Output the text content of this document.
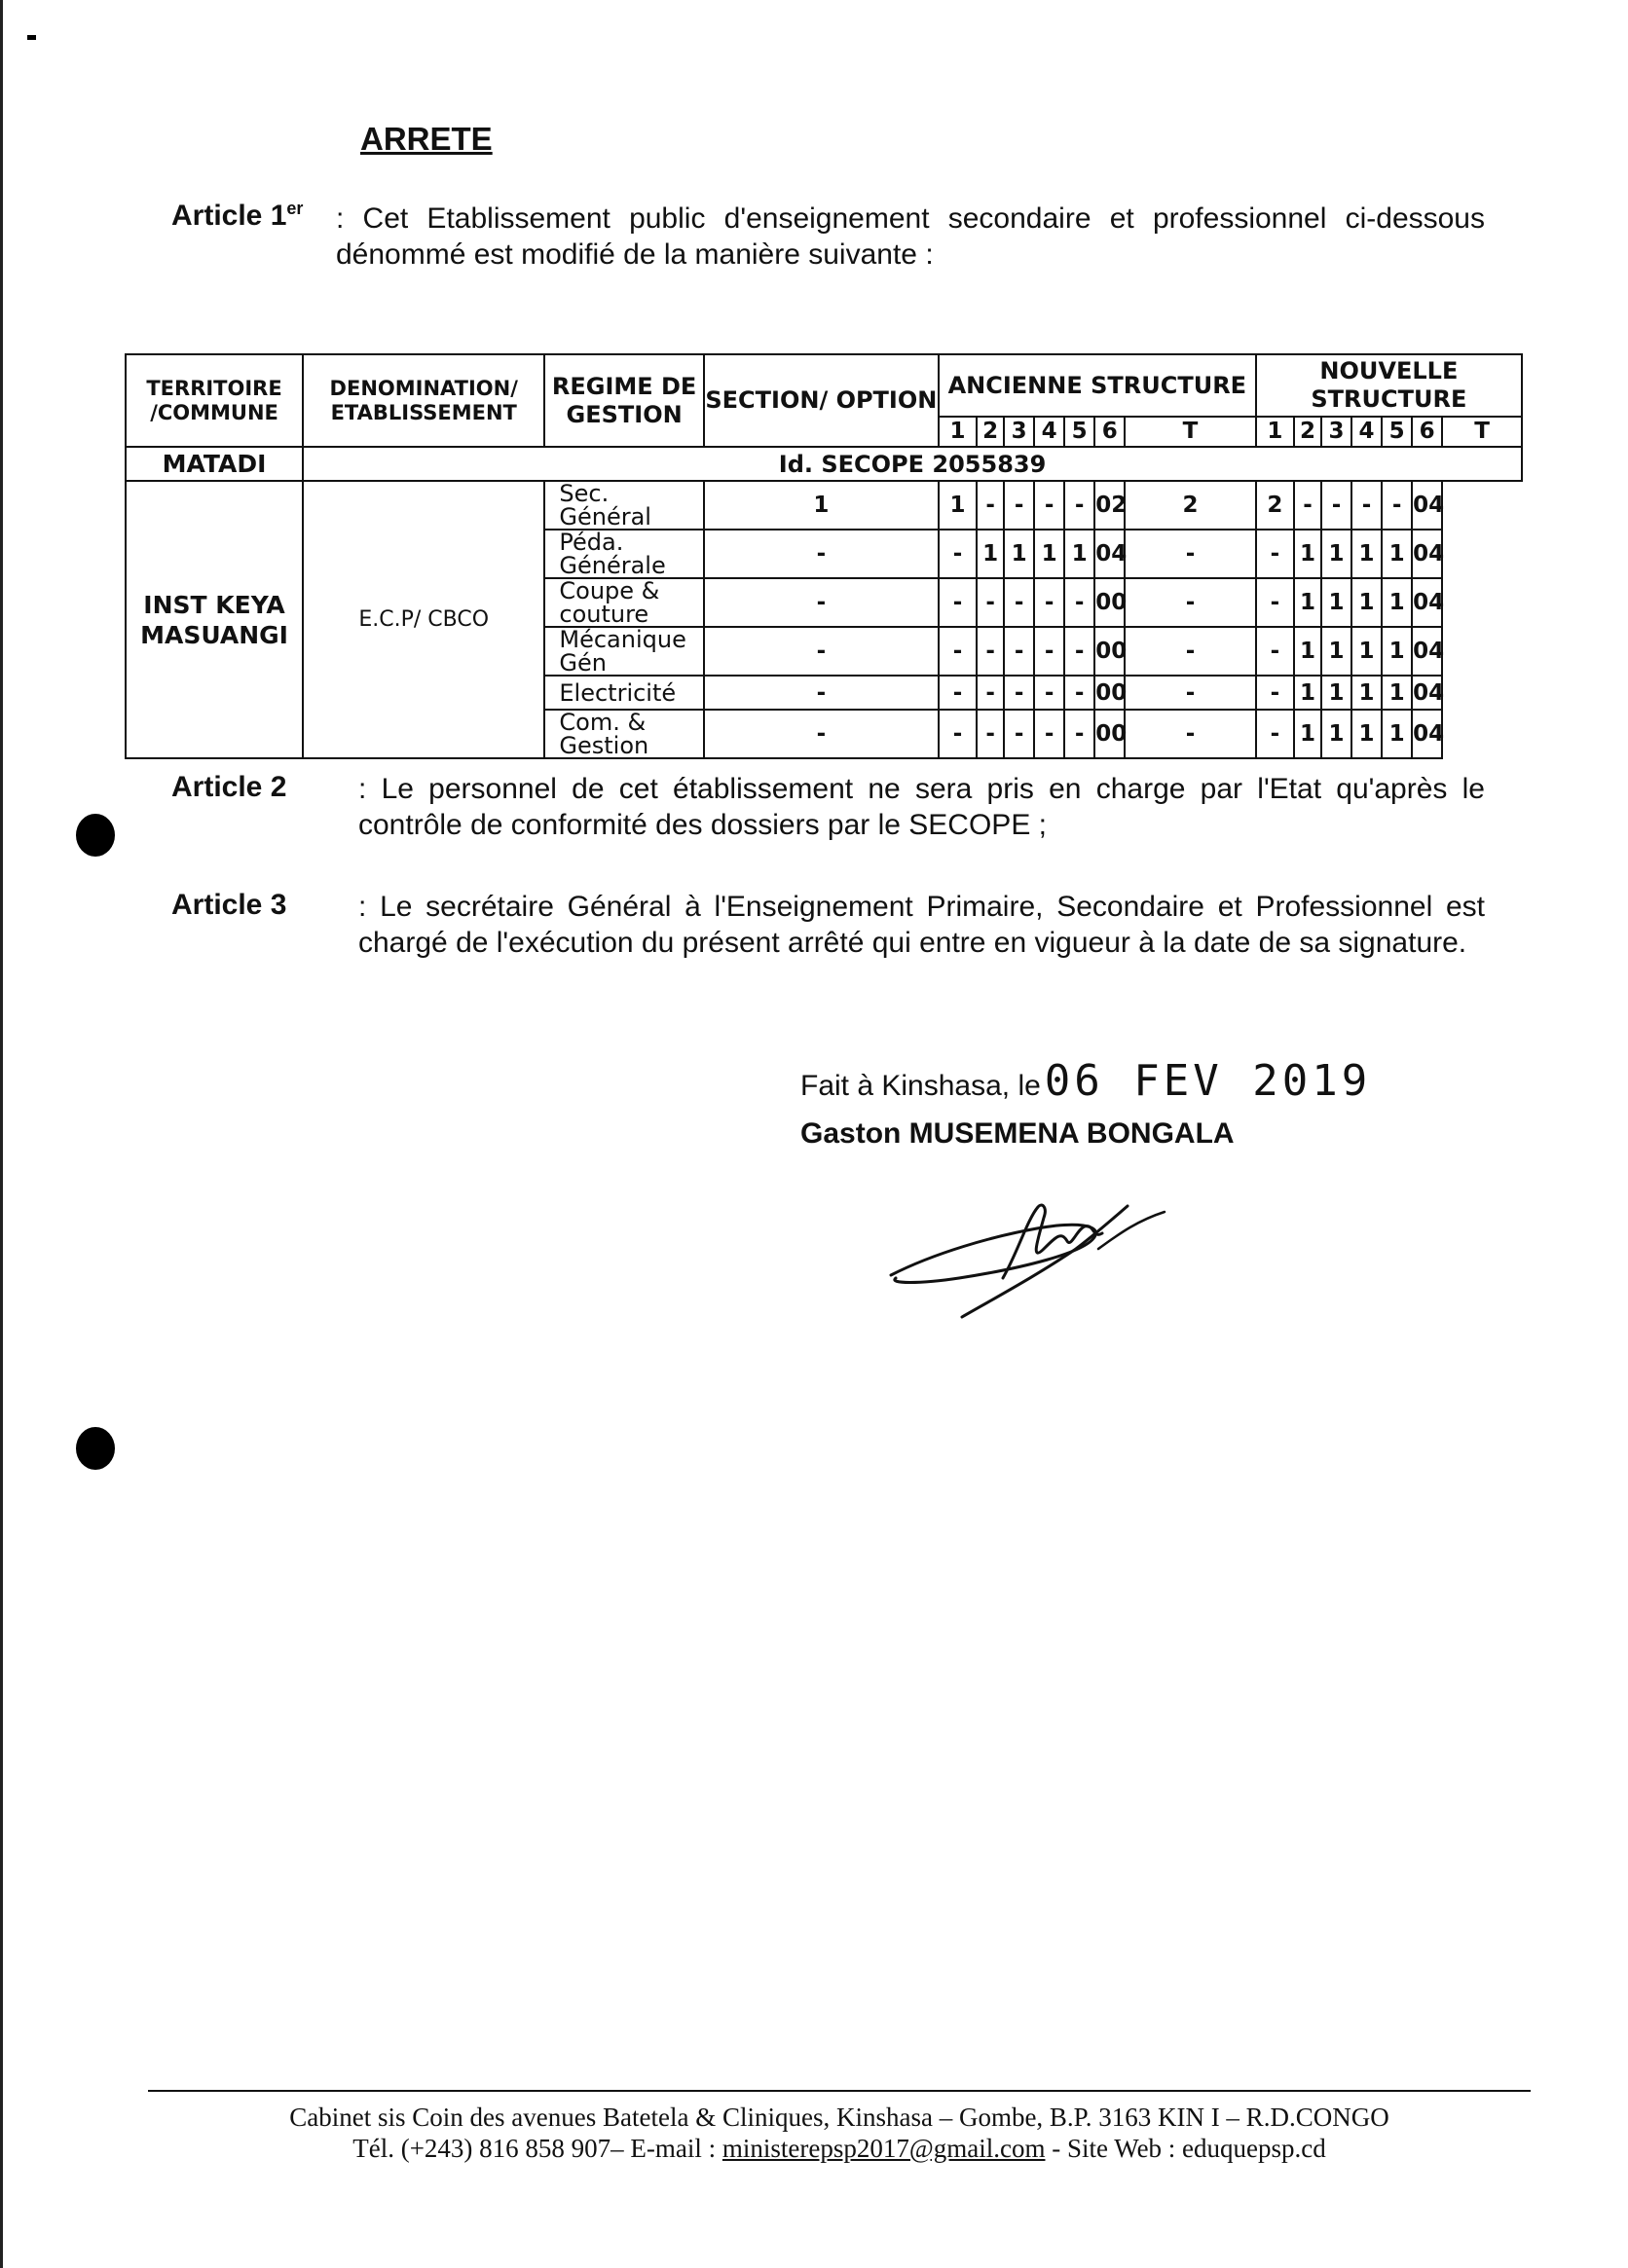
ARRETE
Article 1er : Cet Etablissement public d'enseignement secondaire et professionnel ci-dessous dénommé est modifié de la manière suivante :
TERRITOIRE /COMMUNE	DENOMINATION/ ETABLISSEMENT	REGIME DE GESTION	SECTION/ OPTION	ANCIENNE STRUCTURE							NOUVELLE STRUCTURE						
				1	2	3	4	5	6	T	1	2	3	4	5	6	T
MATADI	Id. SECOPE 2055839																
INST KEYA MASUANGI	E.C.P/ CBCO	Sec. Général	1	1	-	-	-	-	02	2	2	-	-	-	-	04	
		Péda. Générale	-	-	1	1	1	1	04	-	-	1	1	1	1	04	
		Coupe & couture	-	-	-	-	-	-	00	-	-	1	1	1	1	04	
		Mécanique Gén	-	-	-	-	-	-	00	-	-	1	1	1	1	04	
		Electricité	-	-	-	-	-	-	00	-	-	1	1	1	1	04	
		Com. & Gestion	-	-	-	-	-	-	00	-	-	1	1	1	1	04	
Article 2 : Le personnel de cet établissement ne sera pris en charge par l'Etat qu'après le contrôle de conformité des dossiers par le SECOPE ;
Article 3 : Le secrétaire Général à l'Enseignement Primaire, Secondaire et Professionnel est chargé de l'exécution du présent arrêté qui entre en vigueur à la date de sa signature.
Fait à Kinshasa, le06 FEV 2019
Gaston MUSEMENA BONGALA
Cabinet sis Coin des avenues Batetela & Cliniques, Kinshasa – Gombe, B.P. 3163 KIN I – R.D.CONGO
Tél. (+243) 816 858 907– E-mail : ministerepsp2017@gmail.com - Site Web : eduquepsp.cd
